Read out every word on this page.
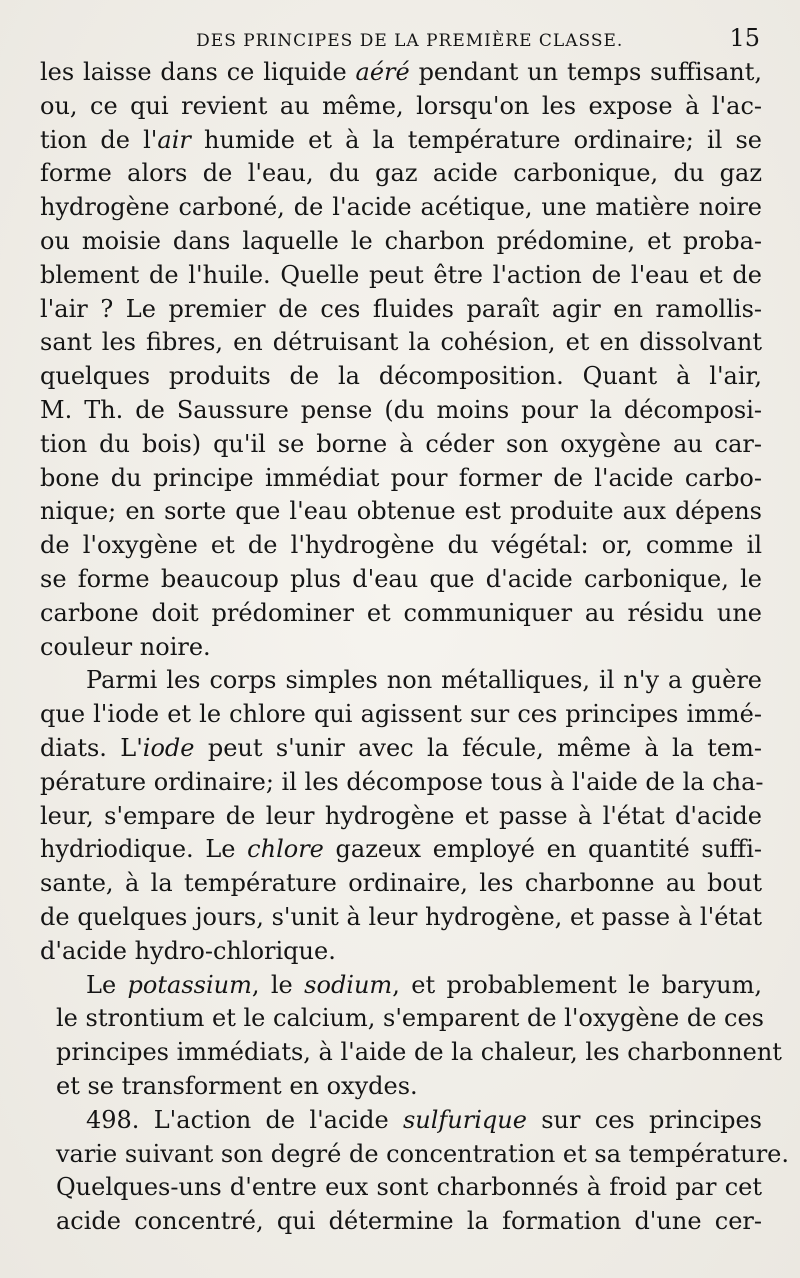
DES PRINCIPES DE LA PREMIÈRE CLASSE.	15
les laisse dans ce liquide aéré pendant un temps suffisant,
ou, ce qui revient au même, lorsqu'on les expose à l'ac-
tion de l'air humide et à la température ordinaire; il se
forme alors de l'eau, du gaz acide carbonique, du gaz
hydrogène carboné, de l'acide acétique, une matière noire
ou moisie dans laquelle le charbon prédomine, et proba-
blement de l'huile. Quelle peut être l'action de l'eau et de
l'air ? Le premier de ces fluides paraît agir en ramollis-
sant les fibres, en détruisant la cohésion, et en dissolvant
quelques produits de la décomposition. Quant à l'air,
M. Th. de Saussure pense (du moins pour la décomposi-
tion du bois) qu'il se borne à céder son oxygène au car-
bone du principe immédiat pour former de l'acide carbo-
nique; en sorte que l'eau obtenue est produite aux dépens
de l'oxygène et de l'hydrogène du végétal: or, comme il
se forme beaucoup plus d'eau que d'acide carbonique, le
carbone doit prédominer et communiquer au résidu une
couleur noire.
Parmi les corps simples non métalliques, il n'y a guère
que l'iode et le chlore qui agissent sur ces principes immé-
diats. L'iode peut s'unir avec la fécule, même à la tem-
pérature ordinaire; il les décompose tous à l'aide de la cha-
leur, s'empare de leur hydrogène et passe à l'état d'acide
hydriodique. Le chlore gazeux employé en quantité suffi-
sante, à la température ordinaire, les charbonne au bout
de quelques jours, s'unit à leur hydrogène, et passe à l'état
d'acide hydro-chlorique.
Le potassium, le sodium, et probablement le baryum,
le strontium et le calcium, s'emparent de l'oxygène de ces
principes immédiats, à l'aide de la chaleur, les charbonnent
et se transforment en oxydes.
498. L'action de l'acide sulfurique sur ces principes
varie suivant son degré de concentration et sa température.
Quelques-uns d'entre eux sont charbonnés à froid par cet
acide concentré, qui détermine la formation d'une cer-
